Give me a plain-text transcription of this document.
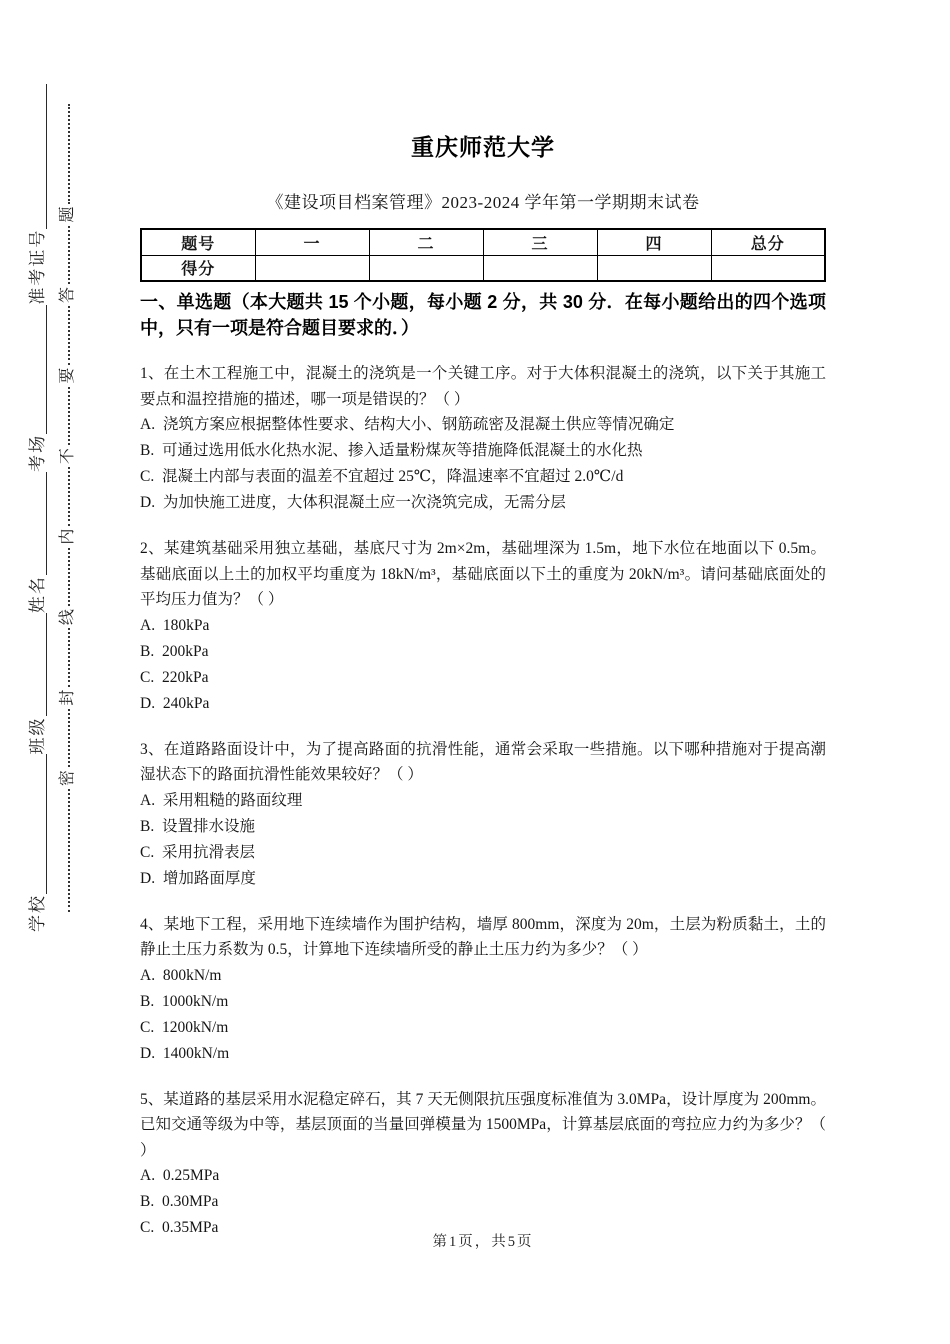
学校
班级
姓名
考场
准考证号
密
封
线
内
不
要
答
题
重庆师范大学
《建设项目档案管理》2023-2024 学年第一学期期末试卷
题号	一	二	三	四	总分
得分					
一、单选题（本大题共 15 个小题，每小题 2 分，共 30 分．在每小题给出的四个选项中，只有一项是符合题目要求的．）
1、在土木工程施工中，混凝土的浇筑是一个关键工序。对于大体积混凝土的浇筑，以下关于其施工要点和温控措施的描述，哪一项是错误的？（ ）
A.  浇筑方案应根据整体性要求、结构大小、钢筋疏密及混凝土供应等情况确定
B.  可通过选用低水化热水泥、掺入适量粉煤灰等措施降低混凝土的水化热
C.  混凝土内部与表面的温差不宜超过 25℃，降温速率不宜超过 2.0℃/d
D.  为加快施工进度，大体积混凝土应一次浇筑完成，无需分层
2、某建筑基础采用独立基础，基底尺寸为 2m×2m，基础埋深为 1.5m，地下水位在地面以下 0.5m。基础底面以上土的加权平均重度为 18kN/m³，基础底面以下土的重度为 20kN/m³。请问基础底面处的平均压力值为？（ ）
A.  180kPa
B.  200kPa
C.  220kPa
D.  240kPa
3、在道路路面设计中，为了提高路面的抗滑性能，通常会采取一些措施。以下哪种措施对于提高潮湿状态下的路面抗滑性能效果较好？（ ）
A.  采用粗糙的路面纹理
B.  设置排水设施
C.  采用抗滑表层
D.  增加路面厚度
4、某地下工程，采用地下连续墙作为围护结构，墙厚 800mm，深度为 20m，土层为粉质黏土，土的静止土压力系数为 0.5，计算地下连续墙所受的静止土压力约为多少？（ ）
A.  800kN/m
B.  1000kN/m
C.  1200kN/m
D.  1400kN/m
5、某道路的基层采用水泥稳定碎石，其 7 天无侧限抗压强度标准值为 3.0MPa，设计厚度为 200mm。已知交通等级为中等，基层顶面的当量回弹模量为 1500MPa，计算基层底面的弯拉应力约为多少？（ ）
A.  0.25MPa
B.  0.30MPa
C.  0.35MPa
第1页，共5页
